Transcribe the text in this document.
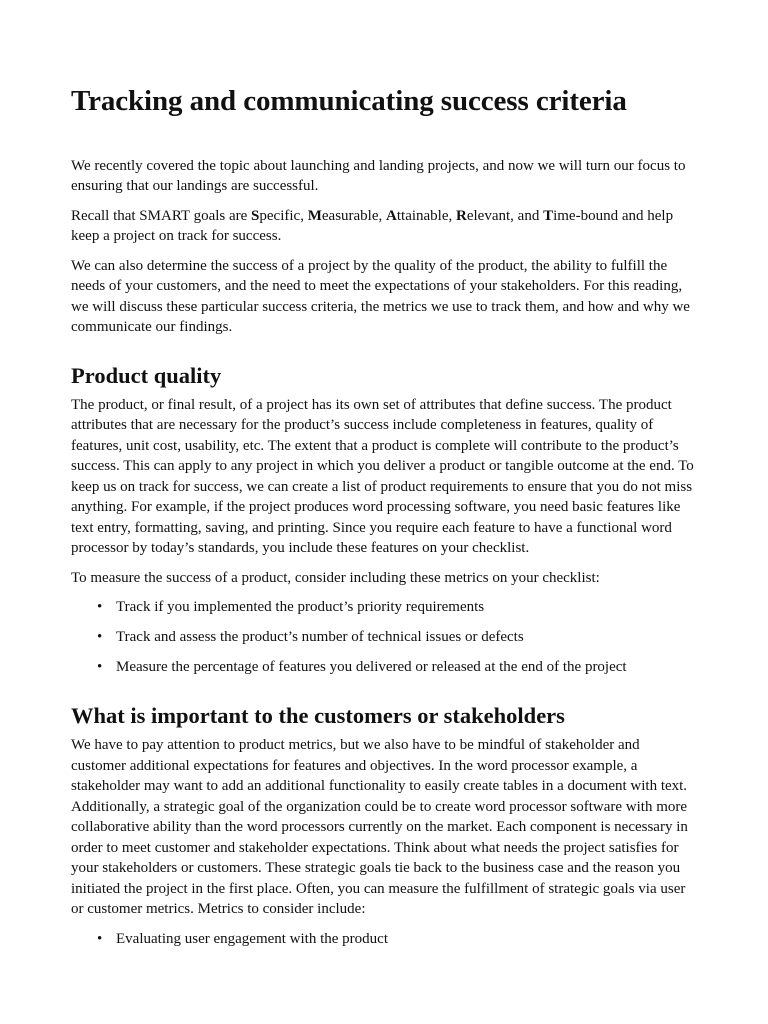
Tracking and communicating success criteria

We recently covered the topic about launching and landing projects, and now we will turn our focus to ensuring that our landings are successful.

Recall that SMART goals are Specific, Measurable, Attainable, Relevant, and Time-bound and help keep a project on track for success.

We can also determine the success of a project by the quality of the product, the ability to fulfill the needs of your customers, and the need to meet the expectations of your stakeholders. For this reading, we will discuss these particular success criteria, the metrics we use to track them, and how and why we communicate our findings.

Product quality

The product, or final result, of a project has its own set of attributes that define success. The product attributes that are necessary for the product’s success include completeness in features, quality of features, unit cost, usability, etc. The extent that a product is complete will contribute to the product’s success. This can apply to any project in which you deliver a product or tangible outcome at the end. To keep us on track for success, we can create a list of product requirements to ensure that you do not miss anything. For example, if the project produces word processing software, you need basic features like text entry, formatting, saving, and printing. Since you require each feature to have a functional word processor by today’s standards, you include these features on your checklist.

To measure the success of a product, consider including these metrics on your checklist:

• Track if you implemented the product’s priority requirements
• Track and assess the product’s number of technical issues or defects
• Measure the percentage of features you delivered or released at the end of the project
What is important to the customers or stakeholders

We have to pay attention to product metrics, but we also have to be mindful of stakeholder and customer additional expectations for features and objectives. In the word processor example, a stakeholder may want to add an additional functionality to easily create tables in a document with text. Additionally, a strategic goal of the organization could be to create word processor software with more collaborative ability than the word processors currently on the market. Each component is necessary in order to meet customer and stakeholder expectations. Think about what needs the project satisfies for your stakeholders or customers. These strategic goals tie back to the business case and the reason you initiated the project in the first place. Often, you can measure the fulfillment of strategic goals via user or customer metrics. Metrics to consider include:

• Evaluating user engagement with the product
